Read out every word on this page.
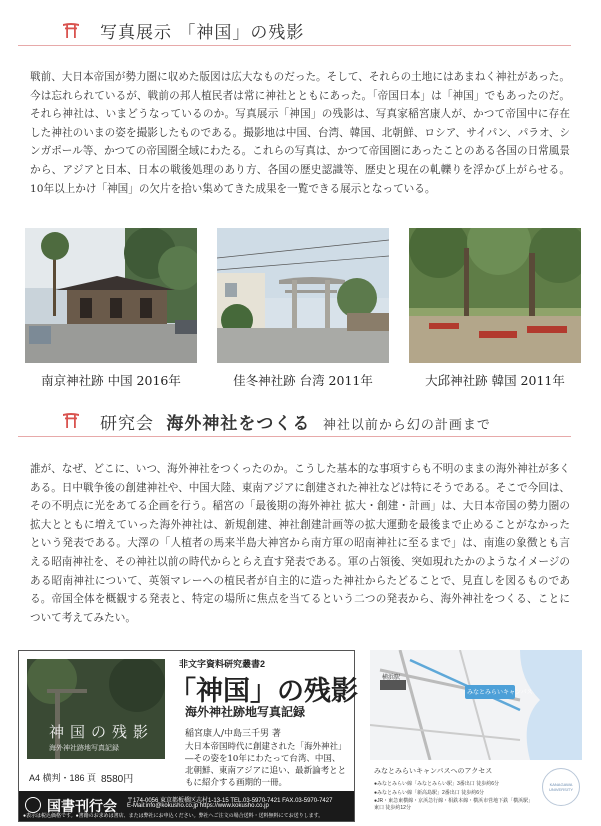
写真展示 「神国」の残影
戦前、大日本帝国が勢力圏に収めた版図は広大なものだった。そして、それらの土地にはあまねく神社があった。今は忘れられているが、戦前の邦人植民者は常に神社とともにあった。「帝国日本」は「神国」でもあったのだ。それら神社は、いまどうなっているのか。写真展示「神国」の残影は、写真家稲宮康人が、かつて帝国中に存在した神社のいまの姿を撮影したものである。撮影地は中国、台湾、韓国、北朝鮮、ロシア、サイパン、パラオ、シンガポール等、かつての帝国圏全域にわたる。これらの写真は、かつて帝国圏にあったことのある各国の日常風景から、アジアと日本、日本の戦後処理のあり方、各国の歴史認識等、歴史と現在の軋轢りを浮かび上がらせる。10年以上かけ「神国」の欠片を拾い集めてきた成果を一覧できる展示となっている。
南京神社跡 中国 2016年	佳冬神社跡 台湾 2011年	大邱神社跡 韓国 2011年
研究会 海外神社をつくる 神社以前から幻の計画まで
誰が、なぜ、どこに、いつ、海外神社をつくったのか。こうした基本的な事項すらも不明のままの海外神社が多くある。日中戦争後の創建神社や、中国大陸、東南アジアに創建された神社などは特にそうである。そこで今回は、その不明点に光をあてる企画を行う。稲宮の「最後期の海外神社 拡大・創建・計画」は、大日本帝国の勢力圏の拡大とともに増えていった海外神社は、新規創建、神社創建計画等の拡大運動を最後まで止めることがなかったという発表である。大澤の「人植者の馬来半島大神宮から南方軍の昭南神社に至るまで」は、南進の象徴とも言える昭南神社を、その神社以前の時代からとらえ直す発表である。軍の占領後、突如現れたかのようなイメージのある昭南神社について、英領マレーへの植民者が自主的に造った神社からたどることで、見直しを図るものである。帝国全体を概観する発表と、特定の場所に焦点を当てるという二つの発表から、海外神社をつくる、ことについて考えてみたい。
神国の残影
海外神社跡地写真記録
A4 横判・186 頁 8580円
非文字資料研究叢書2
「神国」の残影
海外神社跡地写真記録
稲宮康人/中島三千男 著
大日本帝国時代に創建された「海外神社」―その姿を10年にわたって台湾、中国、北朝鮮、東南アジアに追い、最新論考とともに紹介する画期的一冊。
国書刊行会 〒174-0056 東京都板橋区志村1-13-15 TEL.03-5970-7421 FAX.03-5970-7427
E-Mail:info@kokusho.co.jp https://www.kokusho.co.jp
●表示は税込価格です。●書籍のお求めは書店、または弊社にお申込ください。弊社へご注文の場合送料・送料無料にてお送りします。
横浜駅
みなとみらいキャンパス
みなとみらいキャンパスへのアクセス
●みなとみらい線「みなとみらい駅」3番出口 徒歩約6分
●みなとみらい線「新高島駅」2番出口 徒歩約6分
●JR・東急東横線・京浜急行線・相鉄本線・横浜市営地下鉄「横浜駅」東口 徒歩約12分
KANAGAWA UNIVERSITY
